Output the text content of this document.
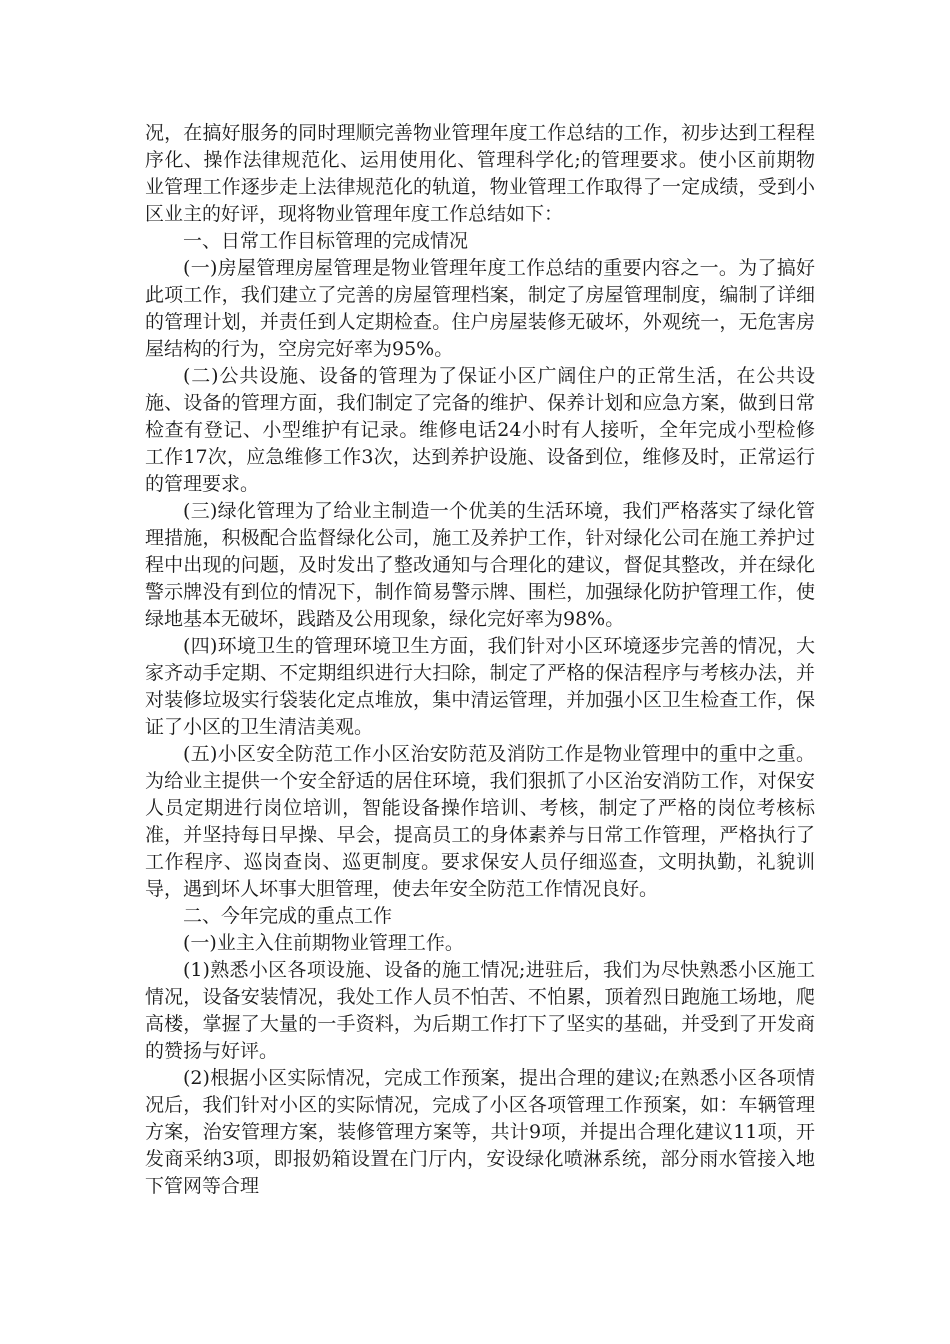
况，在搞好服务的同时理顺完善物业管理年度工作总结的工作，初步达到工程程序化、操作法律规范化、运用使用化、管理科学化;的管理要求。使小区前期物业管理工作逐步走上法律规范化的轨道，物业管理工作取得了一定成绩，受到小区业主的好评，现将物业管理年度工作总结如下：

一、日常工作目标管理的完成情况

(一)房屋管理房屋管理是物业管理年度工作总结的重要内容之一。为了搞好此项工作，我们建立了完善的房屋管理档案，制定了房屋管理制度，编制了详细的管理计划，并责任到人定期检查。住户房屋装修无破坏，外观统一，无危害房屋结构的行为，空房完好率为95%。

(二)公共设施、设备的管理为了保证小区广阔住户的正常生活，在公共设施、设备的管理方面，我们制定了完备的维护、保养计划和应急方案，做到日常检查有登记、小型维护有记录。维修电话24小时有人接听，全年完成小型检修工作17次，应急维修工作3次，达到养护设施、设备到位，维修及时，正常运行的管理要求。

(三)绿化管理为了给业主制造一个优美的生活环境，我们严格落实了绿化管理措施，积极配合监督绿化公司，施工及养护工作，针对绿化公司在施工养护过程中出现的问题，及时发出了整改通知与合理化的建议，督促其整改，并在绿化警示牌没有到位的情况下，制作简易警示牌、围栏，加强绿化防护管理工作，使绿地基本无破坏，践踏及公用现象，绿化完好率为98%。

(四)环境卫生的管理环境卫生方面，我们针对小区环境逐步完善的情况，大家齐动手定期、不定期组织进行大扫除，制定了严格的保洁程序与考核办法，并对装修垃圾实行袋装化定点堆放，集中清运管理，并加强小区卫生检查工作，保证了小区的卫生清洁美观。

(五)小区安全防范工作小区治安防范及消防工作是物业管理中的重中之重。为给业主提供一个安全舒适的居住环境，我们狠抓了小区治安消防工作，对保安人员定期进行岗位培训，智能设备操作培训、考核，制定了严格的岗位考核标准，并坚持每日早操、早会，提高员工的身体素养与日常工作管理，严格执行了工作程序、巡岗查岗、巡更制度。要求保安人员仔细巡查，文明执勤，礼貌训导，遇到坏人坏事大胆管理，使去年安全防范工作情况良好。

二、今年完成的重点工作

(一)业主入住前期物业管理工作。

(1)熟悉小区各项设施、设备的施工情况;进驻后，我们为尽快熟悉小区施工情况，设备安装情况，我处工作人员不怕苦、不怕累，顶着烈日跑施工场地，爬高楼，掌握了大量的一手资料，为后期工作打下了坚实的基础，并受到了开发商的赞扬与好评。

(2)根据小区实际情况，完成工作预案，提出合理的建议;在熟悉小区各项情况后，我们针对小区的实际情况，完成了小区各项管理工作预案，如：车辆管理方案，治安管理方案，装修管理方案等，共计9项，并提出合理化建议11项，开发商采纳3项，即报奶箱设置在门厅内，安设绿化喷淋系统，部分雨水管接入地下管网等合理
